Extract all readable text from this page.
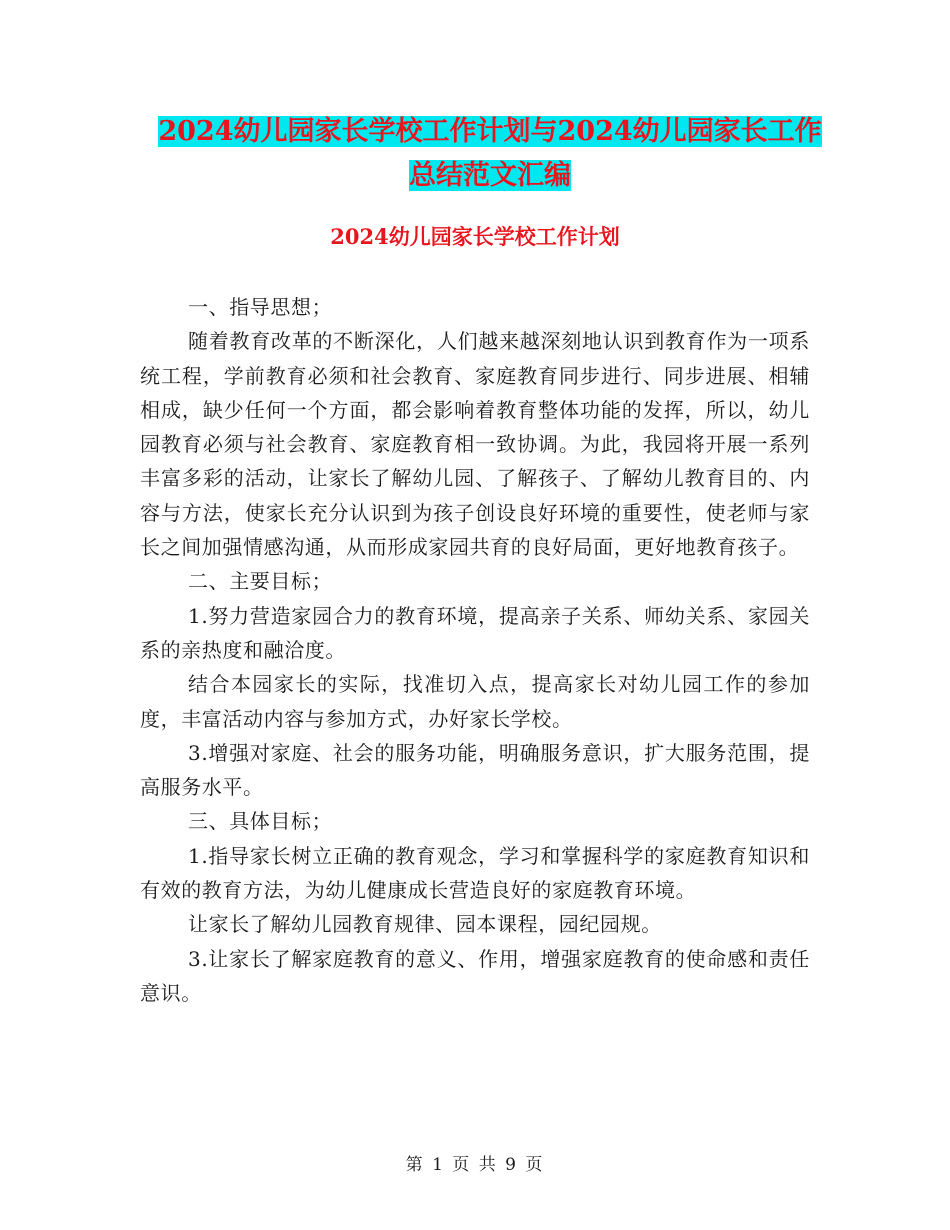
2024幼儿园家长学校工作计划与2024幼儿园家长工作
总结范文汇编
2024幼儿园家长学校工作计划

一、指导思想；

随着教育改革的不断深化，人们越来越深刻地认识到教育作为一项系统工程，学前教育必须和社会教育、家庭教育同步进行、同步进展、相辅相成，缺少任何一个方面，都会影响着教育整体功能的发挥，所以，幼儿园教育必须与社会教育、家庭教育相一致协调。为此，我园将开展一系列丰富多彩的活动，让家长了解幼儿园、了解孩子、了解幼儿教育目的、内容与方法，使家长充分认识到为孩子创设良好环境的重要性，使老师与家长之间加强情感沟通，从而形成家园共育的良好局面，更好地教育孩子。

二、主要目标；

1.努力营造家园合力的教育环境，提高亲子关系、师幼关系、家园关系的亲热度和融洽度。

结合本园家长的实际，找准切入点，提高家长对幼儿园工作的参加度，丰富活动内容与参加方式，办好家长学校。

3.增强对家庭、社会的服务功能，明确服务意识，扩大服务范围，提高服务水平。

三、具体目标；

1.指导家长树立正确的教育观念，学习和掌握科学的家庭教育知识和有效的教育方法，为幼儿健康成长营造良好的家庭教育环境。

让家长了解幼儿园教育规律、园本课程，园纪园规。

3.让家长了解家庭教育的意义、作用，增强家庭教育的使命感和责任意识。

第 1 页 共 9 页
